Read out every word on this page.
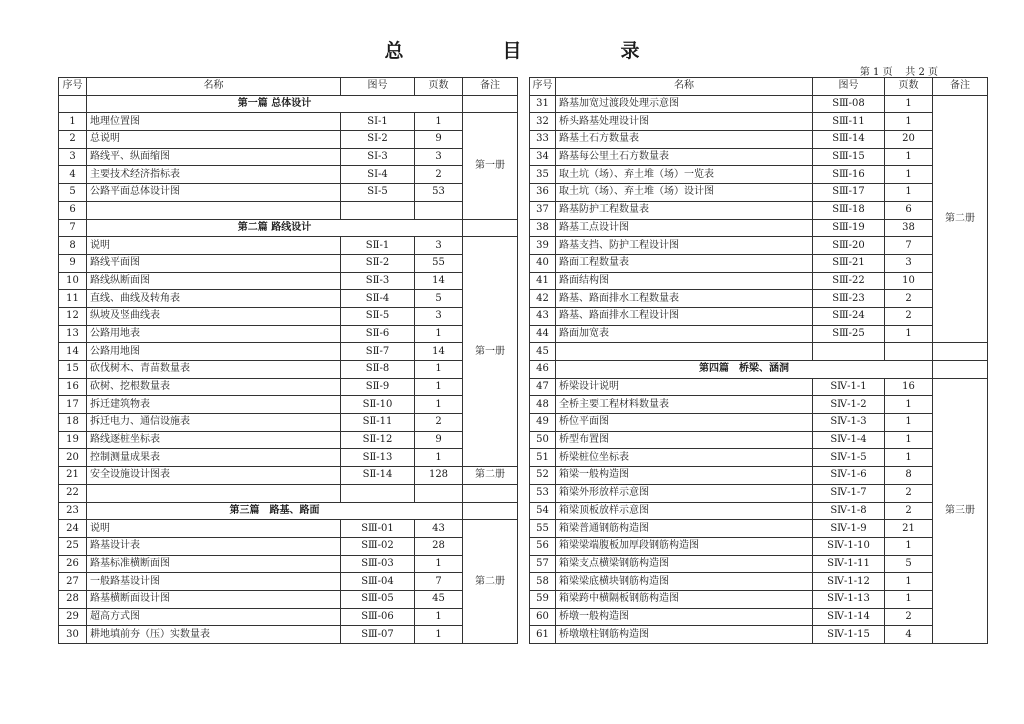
总　目　录
第 1 页    共 2 页
序号	名称	图号	页数	备注
	第一篇 总体设计			
1	地理位置图	SⅠ-1	1	第一册
2	总说明	SⅠ-2	9	
3	路线平、纵面缩图	SⅠ-3	3	
4	主要技术经济指标表	SⅠ-4	2	
5	公路平面总体设计图	SⅠ-5	53	
6				
7	第二篇 路线设计			
8	说明	SⅡ-1	3	第一册
9	路线平面图	SⅡ-2	55	
10	路线纵断面图	SⅡ-3	14	
11	直线、曲线及转角表	SⅡ-4	5	
12	纵坡及竖曲线表	SⅡ-5	3	
13	公路用地表	SⅡ-6	1	
14	公路用地图	SⅡ-7	14	
15	砍伐树木、青苗数量表	SⅡ-8	1	
16	砍树、挖根数量表	SⅡ-9	1	
17	拆迁建筑物表	SⅡ-10	1	
18	拆迁电力、通信设施表	SⅡ-11	2	
19	路线逐桩坐标表	SⅡ-12	9	
20	控制测量成果表	SⅡ-13	1	
21	安全设施设计图表	SⅡ-14	128	第二册
22				
23	第三篇　路基、路面			
24	说明	SⅢ-01	43	第二册
25	路基设计表	SⅢ-02	28	
26	路基标准横断面图	SⅢ-03	1	
27	一般路基设计图	SⅢ-04	7	
28	路基横断面设计图	SⅢ-05	45	
29	超高方式图	SⅢ-06	1	
30	耕地填前夯（压）实数量表	SⅢ-07	1	
序号	名称	图号	页数	备注
31	路基加宽过渡段处理示意图	SⅢ-08	1	第二册
32	桥头路基处理设计图	SⅢ-11	1	
33	路基土石方数量表	SⅢ-14	20	
34	路基每公里土石方数量表	SⅢ-15	1	
35	取土坑（场）、弃土堆（场）一览表	SⅢ-16	1	
36	取土坑（场）、弃土堆（场）设计图	SⅢ-17	1	
37	路基防护工程数量表	SⅢ-18	6	
38	路基工点设计图	SⅢ-19	38	
39	路基支挡、防护工程设计图	SⅢ-20	7	
40	路面工程数量表	SⅢ-21	3	
41	路面结构图	SⅢ-22	10	
42	路基、路面排水工程数量表	SⅢ-23	2	
43	路基、路面排水工程设计图	SⅢ-24	2	
44	路面加宽表	SⅢ-25	1	
45				
46	第四篇　桥梁、涵洞			
47	桥梁设计说明	SⅣ-1-1	16	第三册
48	全桥主要工程材料数量表	SⅣ-1-2	1	
49	桥位平面图	SⅣ-1-3	1	
50	桥型布置图	SⅣ-1-4	1	
51	桥梁桩位坐标表	SⅣ-1-5	1	
52	箱梁一般构造图	SⅣ-1-6	8	
53	箱梁外形放样示意图	SⅣ-1-7	2	
54	箱梁顶板放样示意图	SⅣ-1-8	2	
55	箱梁普通钢筋构造图	SⅣ-1-9	21	
56	箱梁梁端腹板加厚段钢筋构造图	SⅣ-1-10	1	
57	箱梁支点横梁钢筋构造图	SⅣ-1-11	5	
58	箱梁梁底横块钢筋构造图	SⅣ-1-12	1	
59	箱梁跨中横隔板钢筋构造图	SⅣ-1-13	1	
60	桥墩一般构造图	SⅣ-1-14	2	
61	桥墩墩柱钢筋构造图	SⅣ-1-15	4	
